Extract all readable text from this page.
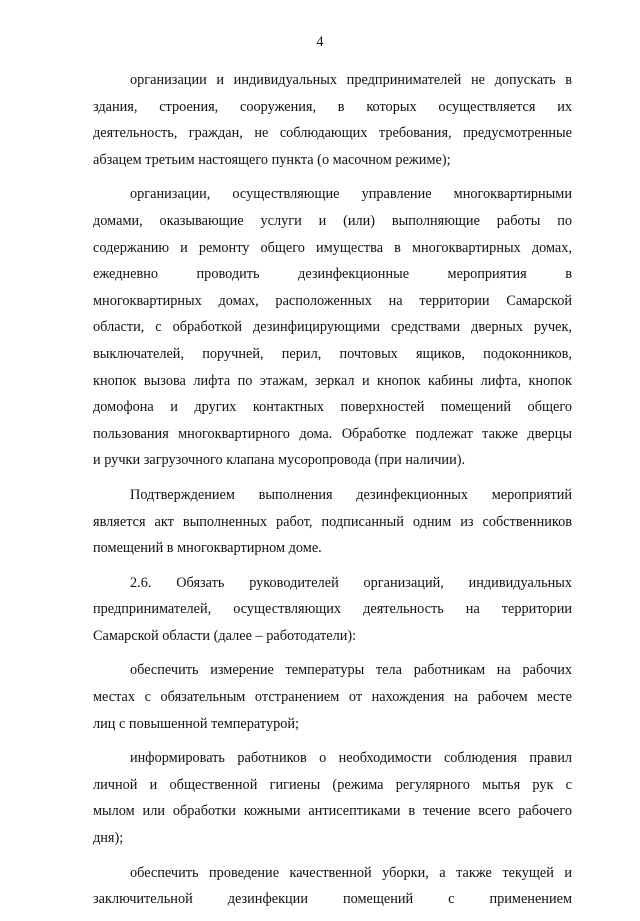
4
организации и индивидуальных предпринимателей не допускать в
здания, строения, сооружения, в которых осуществляется их
деятельность, граждан, не соблюдающих требования, предусмотренные
абзацем третьим настоящего пункта (о масочном режиме);
организации, осуществляющие управление многоквартирными
домами, оказывающие услуги и (или) выполняющие работы по
содержанию и ремонту общего имущества в многоквартирных домах,
ежедневно проводить дезинфекционные мероприятия в
многоквартирных домах, расположенных на территории Самарской
области, с обработкой дезинфицирующими средствами дверных ручек,
выключателей, поручней, перил, почтовых ящиков, подоконников,
кнопок вызова лифта по этажам, зеркал и кнопок кабины лифта, кнопок
домофона и других контактных поверхностей помещений общего
пользования многоквартирного дома. Обработке подлежат также дверцы
и ручки загрузочного клапана мусоропровода (при наличии).
Подтверждением выполнения дезинфекционных мероприятий
является акт выполненных работ, подписанный одним из собственников
помещений в многоквартирном доме.
2.6. Обязать руководителей организаций, индивидуальных
предпринимателей, осуществляющих деятельность на территории
Самарской области (далее – работодатели):
обеспечить измерение температуры тела работникам на рабочих
местах с обязательным отстранением от нахождения на рабочем месте
лиц с повышенной температурой;
информировать работников о необходимости соблюдения правил
личной и общественной гигиены (режима регулярного мытья рук с
мылом или обработки кожными антисептиками в течение всего рабочего
дня);
обеспечить проведение качественной уборки, а также текущей и
заключительной дезинфекции помещений с применением
